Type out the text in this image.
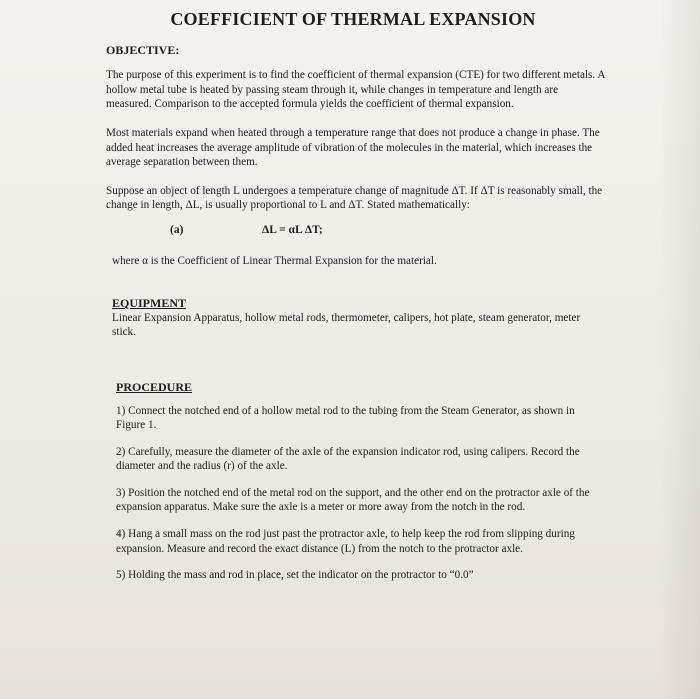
COEFFICIENT OF THERMAL EXPANSION
OBJECTIVE:

The purpose of this experiment is to find the coefficient of thermal expansion (CTE) for two different metals. A hollow metal tube is heated by passing steam through it, while changes in temperature and length are measured. Comparison to the accepted formula yields the coefficient of thermal expansion.

Most materials expand when heated through a temperature range that does not produce a change in phase. The added heat increases the average amplitude of vibration of the molecules in the material, which increases the average separation between them.

Suppose an object of length L undergoes a temperature change of magnitude ΔT. If ΔT is reasonably small, the change in length, ΔL, is usually proportional to L and ΔT. Stated mathematically:

(a)	ΔL = αL ΔT;

where α is the Coefficient of Linear Thermal Expansion for the material.

EQUIPMENT

Linear Expansion Apparatus, hollow metal rods, thermometer, calipers, hot plate, steam generator, meter stick.

PROCEDURE

1) Connect the notched end of a hollow metal rod to the tubing from the Steam Generator, as shown in Figure 1.

2) Carefully, measure the diameter of the axle of the expansion indicator rod, using calipers. Record the diameter and the radius (r) of the axle.

3) Position the notched end of the metal rod on the support, and the other end on the protractor axle of the expansion apparatus. Make sure the axle is a meter or more away from the notch in the rod.

4) Hang a small mass on the rod just past the protractor axle, to help keep the rod from slipping during expansion. Measure and record the exact distance (L) from the notch to the protractor axle.

5) Holding the mass and rod in place, set the indicator on the protractor to “0.0”
